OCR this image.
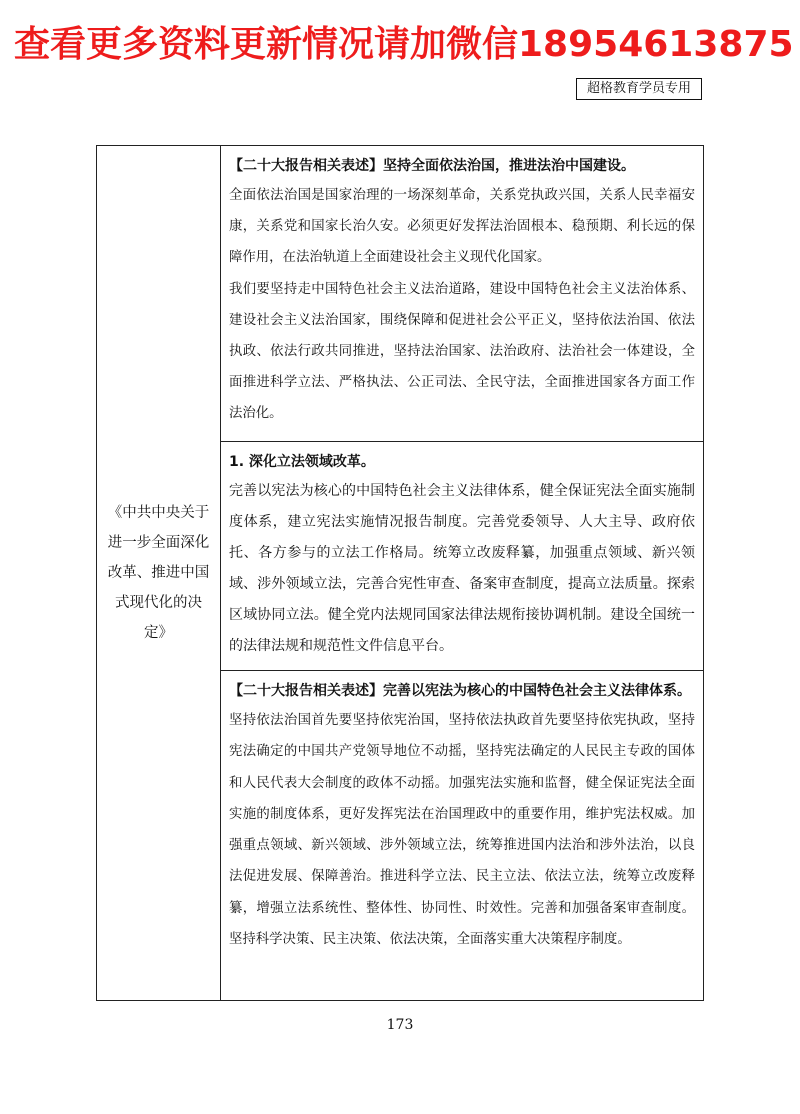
查看更多资料更新情况请加微信18954613875
超格教育学员专用
《中共中央关于进一步全面深化改革、推进中国式现代化的决定》
【二十大报告相关表述】坚持全面依法治国，推进法治中国建设。

全面依法治国是国家治理的一场深刻革命，关系党执政兴国，关系人民幸福安康，关系党和国家长治久安。必须更好发挥法治固根本、稳预期、利长远的保障作用，在法治轨道上全面建设社会主义现代化国家。

我们要坚持走中国特色社会主义法治道路，建设中国特色社会主义法治体系、建设社会主义法治国家，围绕保障和促进社会公平正义，坚持依法治国、依法执政、依法行政共同推进，坚持法治国家、法治政府、法治社会一体建设，全面推进科学立法、严格执法、公正司法、全民守法，全面推进国家各方面工作法治化。

1. 深化立法领域改革。

完善以宪法为核心的中国特色社会主义法律体系，健全保证宪法全面实施制度体系，建立宪法实施情况报告制度。完善党委领导、人大主导、政府依托、各方参与的立法工作格局。统筹立改废释纂，加强重点领域、新兴领域、涉外领域立法，完善合宪性审查、备案审查制度，提高立法质量。探索区域协同立法。健全党内法规同国家法律法规衔接协调机制。建设全国统一的法律法规和规范性文件信息平台。

【二十大报告相关表述】完善以宪法为核心的中国特色社会主义法律体系。

坚持依法治国首先要坚持依宪治国，坚持依法执政首先要坚持依宪执政，坚持宪法确定的中国共产党领导地位不动摇，坚持宪法确定的人民民主专政的国体和人民代表大会制度的政体不动摇。加强宪法实施和监督，健全保证宪法全面实施的制度体系，更好发挥宪法在治国理政中的重要作用，维护宪法权威。加强重点领域、新兴领域、涉外领域立法，统筹推进国内法治和涉外法治，以良法促进发展、保障善治。推进科学立法、民主立法、依法立法，统筹立改废释纂，增强立法系统性、整体性、协同性、时效性。完善和加强备案审查制度。坚持科学决策、民主决策、依法决策，全面落实重大决策程序制度。

173
